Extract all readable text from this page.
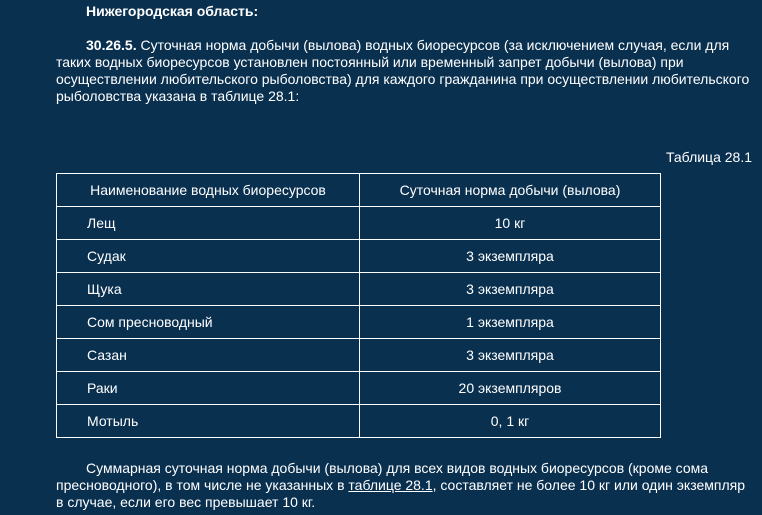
Нижегородская область:

30.26.5. Суточная норма добычи (вылова) водных биоресурсов (за исключением случая, если для таких водных биоресурсов установлен постоянный или временный запрет добычи (вылова) при осуществлении любительского рыболовства) для каждого гражданина при осуществлении любительского рыболовства указана в таблице 28.1:

Таблица 28.1

Наименование водных биоресурсов	Суточная норма добычи (вылова)
Лещ	10 кг
Судак	3 экземпляра
Щука	3 экземпляра
Сом пресноводный	1 экземпляра
Сазан	3 экземпляра
Раки	20 экземпляров
Мотыль	0, 1 кг

Суммарная суточная норма добычи (вылова) для всех видов водных биоресурсов (кроме сома пресноводного), в том числе не указанных в таблице 28.1, составляет не более 10 кг или один экземпляр в случае, если его вес превышает 10 кг.
